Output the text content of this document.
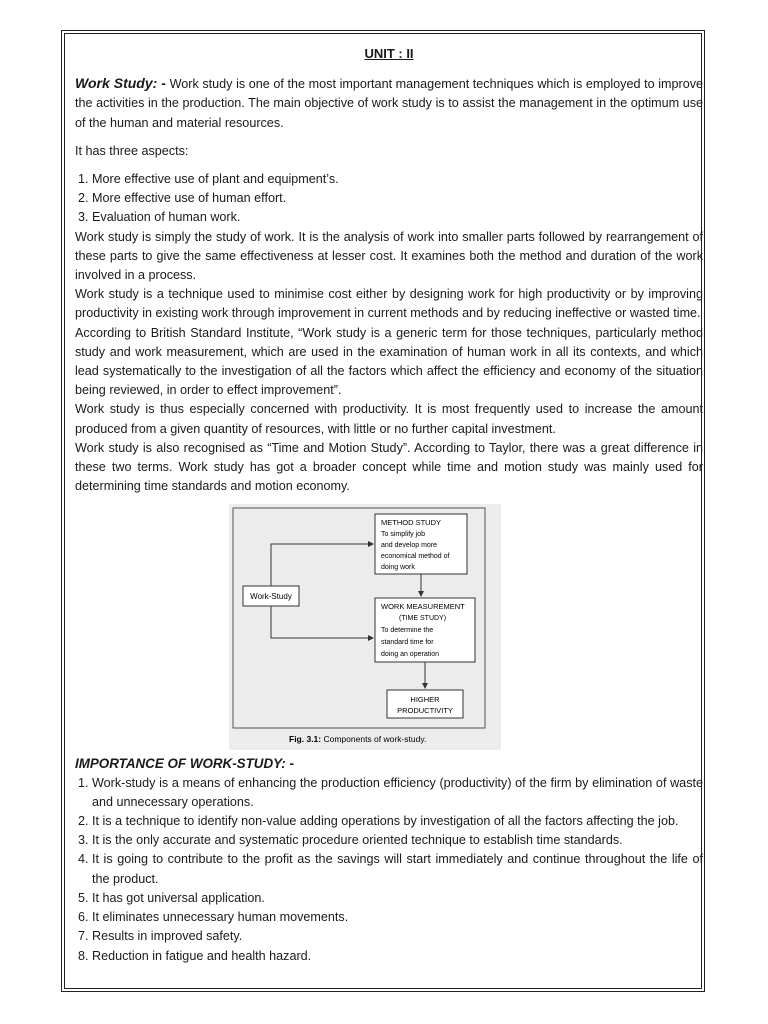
UNIT : II

Work Study: - Work study is one of the most important management techniques which is employed to improve the activities in the production. The main objective of work study is to assist the management in the optimum use of the human and material resources.

It has three aspects:

1. More effective use of plant and equipment’s.
2. More effective use of human effort.
3. Evaluation of human work.

Work study is simply the study of work. It is the analysis of work into smaller parts followed by rearrangement of these parts to give the same effectiveness at lesser cost. It examines both the method and duration of the work involved in a process.

Work study is a technique used to minimise cost either by designing work for high productivity or by improving productivity in existing work through improvement in current methods and by reducing ineffective or wasted time.

According to British Standard Institute, “Work study is a generic term for those techniques, particularly method study and work measurement, which are used in the examination of human work in all its contexts, and which lead systematically to the investigation of all the factors which affect the efficiency and economy of the situation being reviewed, in order to effect improvement”.

Work study is thus especially concerned with productivity. It is most frequently used to increase the amount produced from a given quantity of resources, with little or no further capital investment.

Work study is also recognised as “Time and Motion Study”. According to Taylor, there was a great difference in these two terms. Work study has got a broader concept while time and motion study was mainly used for determining time standards and motion economy.

Work-Study
METHOD STUDY
To simplify job
and develop more
economical method of
doing work
WORK MEASUREMENT
(TIME STUDY)
To determine the
standard time for
doing an operation
HIGHER
PRODUCTIVITY
Fig. 3.1: Components of work-study.
IMPORTANCE OF WORK-STUDY: -
1. Work-study is a means of enhancing the production efficiency (productivity) of the firm by elimination of waste and unnecessary operations.
2. It is a technique to identify non-value adding operations by investigation of all the factors affecting the job.
3. It is the only accurate and systematic procedure oriented technique to establish time standards.
4. It is going to contribute to the profit as the savings will start immediately and continue throughout the life of the product.
5. It has got universal application.
6. It eliminates unnecessary human movements.
7. Results in improved safety.
8. Reduction in fatigue and health hazard.
